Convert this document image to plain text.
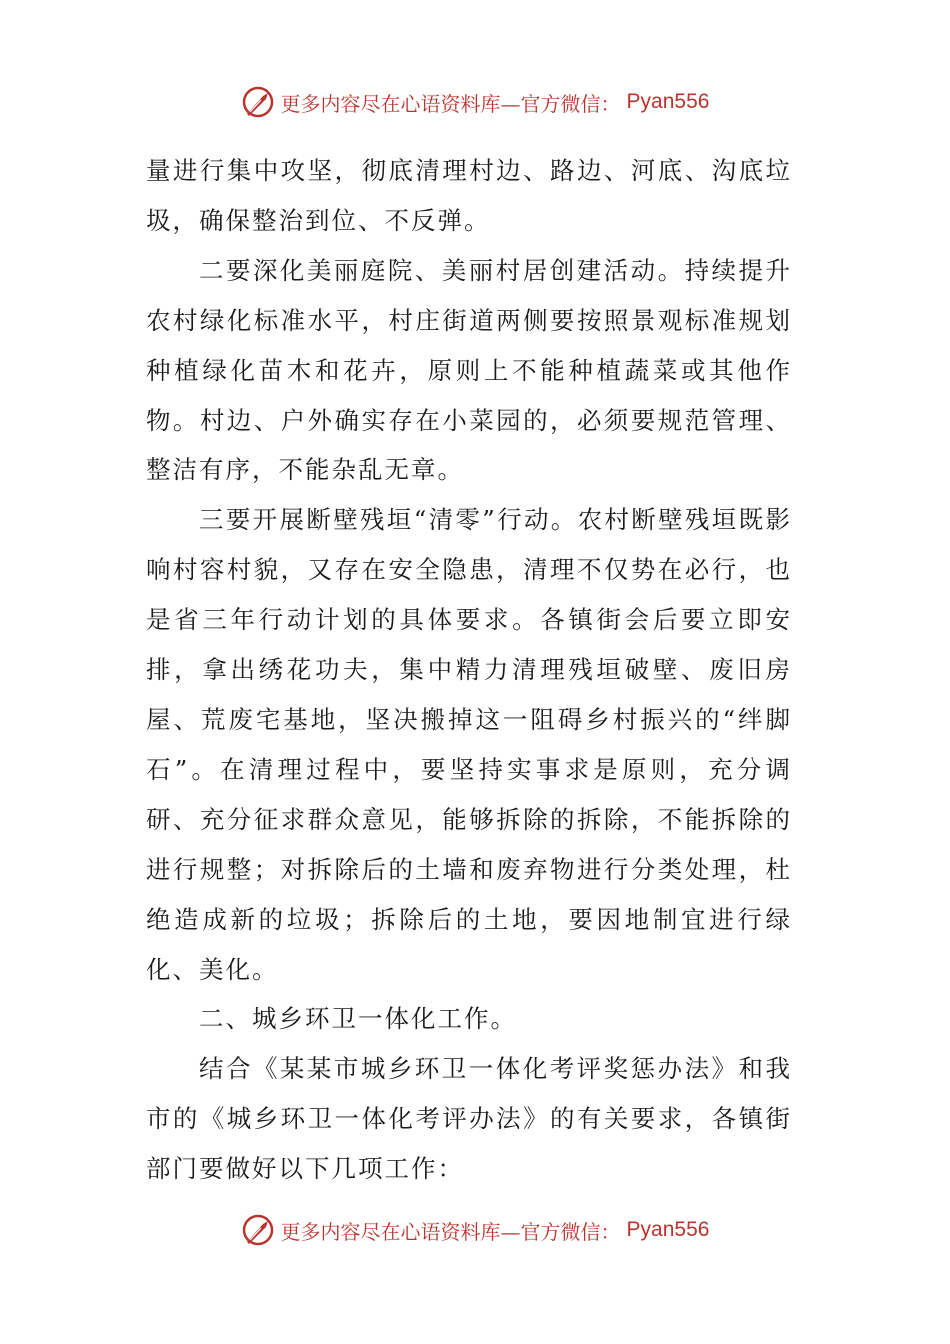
更多内容尽在心语资料库—官方微信： Pyan556

量进行集中攻坚，彻底清理村边、路边、河底、沟底垃圾，确保整治到位、不反弹。

二要深化美丽庭院、美丽村居创建活动。持续提升农村绿化标准水平，村庄街道两侧要按照景观标准规划种植绿化苗木和花卉，原则上不能种植蔬菜或其他作物。村边、户外确实存在小菜园的，必须要规范管理、整洁有序，不能杂乱无章。

三要开展断壁残垣“清零”行动。农村断壁残垣既影响村容村貌，又存在安全隐患，清理不仅势在必行，也是省三年行动计划的具体要求。各镇街会后要立即安排，拿出绣花功夫，集中精力清理残垣破壁、废旧房屋、荒废宅基地，坚决搬掉这一阻碍乡村振兴的“绊脚石”。在清理过程中，要坚持实事求是原则，充分调研、充分征求群众意见，能够拆除的拆除，不能拆除的进行规整；对拆除后的土墙和废弃物进行分类处理，杜绝造成新的垃圾；拆除后的土地，要因地制宜进行绿化、美化。

二、城乡环卫一体化工作。

结合《某某市城乡环卫一体化考评奖惩办法》和我市的《城乡环卫一体化考评办法》的有关要求，各镇街部门要做好以下几项工作：

更多内容尽在心语资料库—官方微信： Pyan556
